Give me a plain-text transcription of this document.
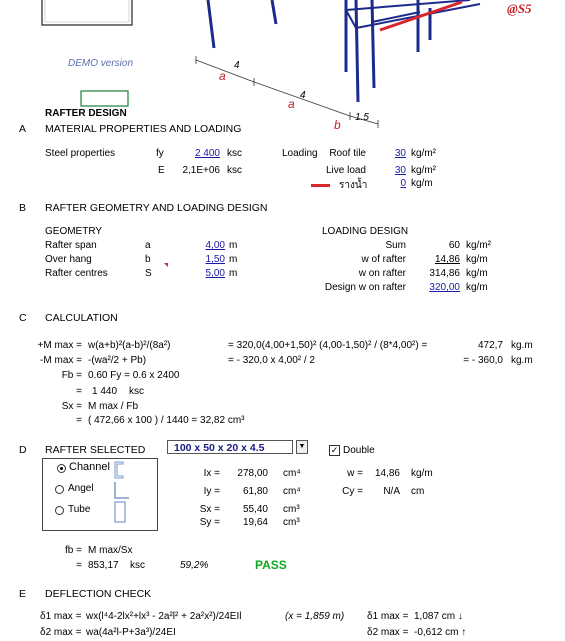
4
4
1.5
a
a
b
@S5
DEMO version
RAFTER DESIGN
A MATERIAL PROPERTIES AND LOADING
Steel properties	fy	2 400 ksc
E	2,1E+06 ksc
Loading	Roof tile	30 kg/m²
Live load	30 kg/m²
รางน้ำ	0 kg/m
B RAFTER GEOMETRY AND LOADING DESIGN
GEOMETRY
Rafter span	a	4,00 m
Over hang	b	1,50 m
Rafter centres	S	5,00 m
LOADING DESIGN
Sum	60 kg/m²
w of rafter	14,86 kg/m
w on rafter	314,86 kg/m
Design w on rafter	320,00 kg/m
C CALCULATION
+M max = w(a+b)²(a-b)²/(8a²)	= 320,0(4,00+1,50)² (4,00-1,50)² / (8*4,00²) =	472,7 kg.m
-M max = -(wa²/2 + Pb)	= - 320,0 x 4,00² / 2	= - 360,0 kg.m
Fb = 0.60 Fy = 0.6 x 2400
= 1 440 ksc
Sx = M max / Fb
= ( 472,66 x 100 ) / 1440 = 32,82 cm³
D RAFTER SELECTED	100 x 50 x 20 x 4.5	▼	✓ Double
Channel
Angel
Tube
Ix =	278,00 cm⁴
Iy =	61,80 cm⁴
Sx =	55,40 cm³
Sy =	19,64 cm³
w =	14,86 kg/m
Cy =	N/A cm
fb = M max/Sx
= 853,17 ksc	59,2%	PASS
E DEFLECTION CHECK
δ1 max = wx(l⁴4-2lx²+lx³ - 2a²l² + 2a²x²)/24EIl	(x = 1,859 m) δ1 max = 1,087 cm ↓
δ2 max = wa(4a²l-P+3a³)/24EI	δ2 max = -0,612 cm ↑
